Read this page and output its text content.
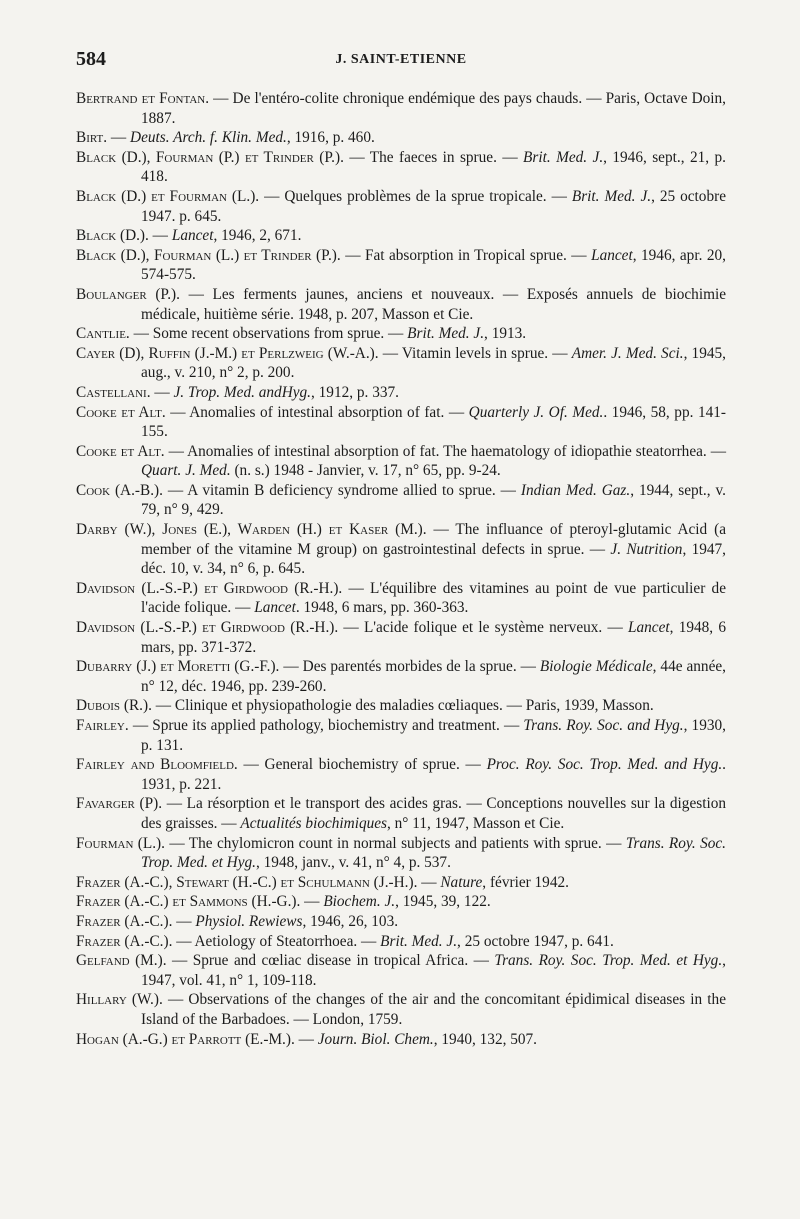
584	J. SAINT-ETIENNE

Bertrand et Fontan. — De l'entéro-colite chronique endémique des pays chauds. — Paris, Octave Doin, 1887.

Birt. — Deuts. Arch. f. Klin. Med., 1916, p. 460.

Black (D.), Fourman (P.) et Trinder (P.). — The faeces in sprue. — Brit. Med. J., 1946, sept., 21, p. 418.

Black (D.) et Fourman (L.). — Quelques problèmes de la sprue tropicale. — Brit. Med. J., 25 octobre 1947. p. 645.

Black (D.). — Lancet, 1946, 2, 671.

Black (D.), Fourman (L.) et Trinder (P.). — Fat absorption in Tropical sprue. — Lancet, 1946, apr. 20, 574-575.

Boulanger (P.). — Les ferments jaunes, anciens et nouveaux. — Exposés annuels de biochimie médicale, huitième série. 1948, p. 207, Masson et Cie.

Cantlie. — Some recent observations from sprue. — Brit. Med. J., 1913.

Cayer (D), Ruffin (J.-M.) et Perlzweig (W.-A.). — Vitamin levels in sprue. — Amer. J. Med. Sci., 1945, aug., v. 210, n° 2, p. 200.

Castellani. — J. Trop. Med. andHyg., 1912, p. 337.

Cooke et Alt. — Anomalies of intestinal absorption of fat. — Quarterly J. Of. Med.. 1946, 58, pp. 141-155.

Cooke et Alt. — Anomalies of intestinal absorption of fat. The haematology of idiopathie steatorrhea. — Quart. J. Med. (n. s.) 1948 - Janvier, v. 17, n° 65, pp. 9-24.

Cook (A.-B.). — A vitamin B deficiency syndrome allied to sprue. — Indian Med. Gaz., 1944, sept., v. 79, n° 9, 429.

Darby (W.), Jones (E.), Warden (H.) et Kaser (M.). — The influance of pteroyl-glutamic Acid (a member of the vitamine M group) on gastrointestinal defects in sprue. — J. Nutrition, 1947, déc. 10, v. 34, n° 6, p. 645.

Davidson (L.-S.-P.) et Girdwood (R.-H.). — L'équilibre des vitamines au point de vue particulier de l'acide folique. — Lancet. 1948, 6 mars, pp. 360-363.

Davidson (L.-S.-P.) et Girdwood (R.-H.). — L'acide folique et le système nerveux. — Lancet, 1948, 6 mars, pp. 371-372.

Dubarry (J.) et Moretti (G.-F.). — Des parentés morbides de la sprue. — Biologie Médicale, 44e année, n° 12, déc. 1946, pp. 239-260.

Dubois (R.). — Clinique et physiopathologie des maladies cœliaques. — Paris, 1939, Masson.

Fairley. — Sprue its applied pathology, biochemistry and treatment. — Trans. Roy. Soc. and Hyg., 1930, p. 131.

Fairley and Bloomfield. — General biochemistry of sprue. — Proc. Roy. Soc. Trop. Med. and Hyg.. 1931, p. 221.

Favarger (P). — La résorption et le transport des acides gras. — Conceptions nouvelles sur la digestion des graisses. — Actualités biochimiques, n° 11, 1947, Masson et Cie.

Fourman (L.). — The chylomicron count in normal subjects and patients with sprue. — Trans. Roy. Soc. Trop. Med. et Hyg., 1948, janv., v. 41, n° 4, p. 537.

Frazer (A.-C.), Stewart (H.-C.) et Schulmann (J.-H.). — Nature, février 1942.

Frazer (A.-C.) et Sammons (H.-G.). — Biochem. J., 1945, 39, 122.

Frazer (A.-C.). — Physiol. Rewiews, 1946, 26, 103.

Frazer (A.-C.). — Aetiology of Steatorrhoea. — Brit. Med. J., 25 octobre 1947, p. 641.

Gelfand (M.). — Sprue and cœliac disease in tropical Africa. — Trans. Roy. Soc. Trop. Med. et Hyg., 1947, vol. 41, n° 1, 109-118.

Hillary (W.). — Observations of the changes of the air and the concomitant épidimical diseases in the Island of the Barbadoes. — London, 1759.

Hogan (A.-G.) et Parrott (E.-M.). — Journ. Biol. Chem., 1940, 132, 507.
